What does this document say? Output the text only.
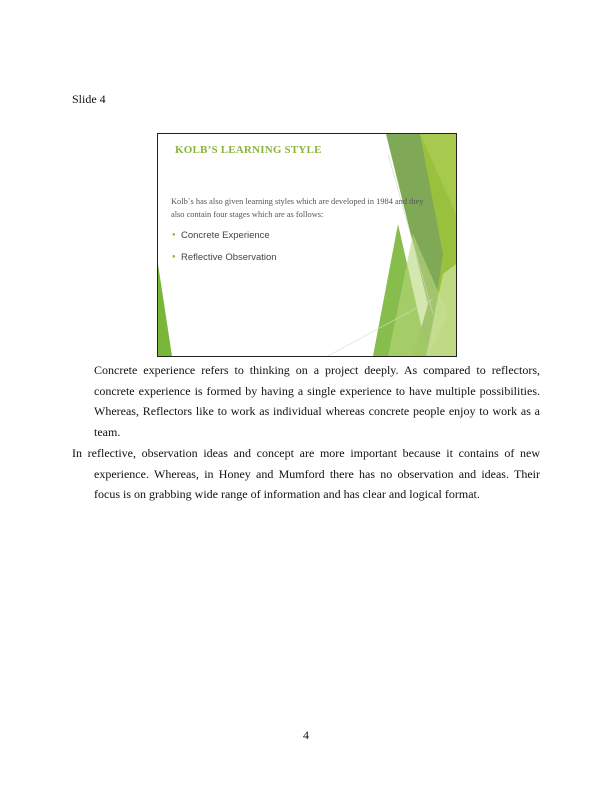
Slide 4
KOLB’S LEARNING STYLE
Kolb`s has also given learning styles which are developed in 1984 and they also contain four stages which are as follows:
● Concrete Experience
● Reflective Observation

Concrete experience refers to thinking on a project deeply. As compared to reflectors, concrete experience is formed by having a single experience to have multiple possibilities. Whereas, Reflectors like to work as individual whereas concrete people enjoy to work as a team.

In reflective, observation ideas and concept are more important because it contains of new experience. Whereas, in Honey and Mumford there has no observation and ideas. Their focus is on grabbing wide range of information and has clear and logical format.

4
